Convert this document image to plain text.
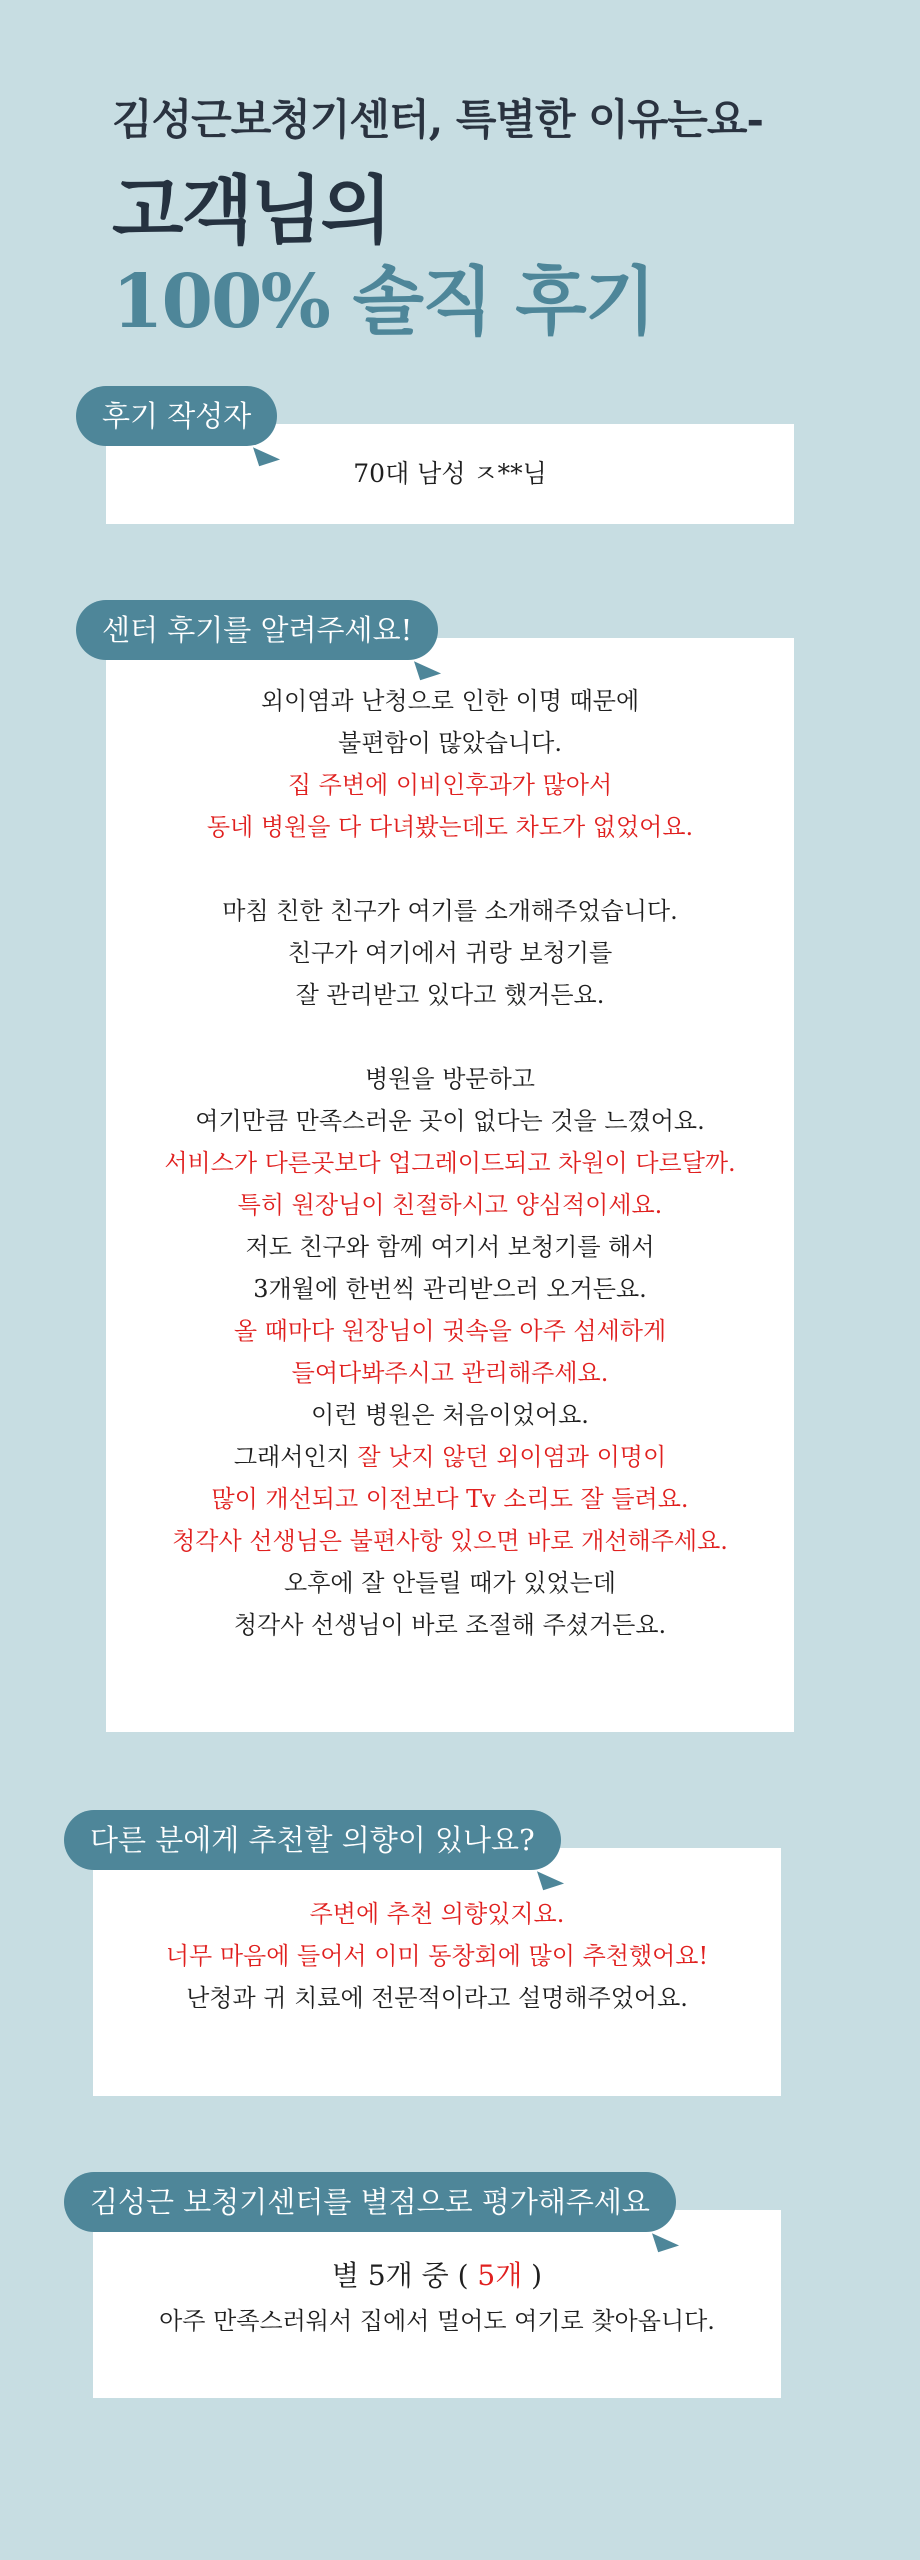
김성근보청기센터, 특별한 이유는요-

고객님의

100% 솔직 후기

후기 작성자

70대 남성 ㅈ**님

센터 후기를 알려주세요!

외이염과 난청으로 인한 이명 때문에

불편함이 많았습니다.

집 주변에 이비인후과가 많아서

동네 병원을 다 다녀봤는데도 차도가 없었어요.

마침 친한 친구가 여기를 소개해주었습니다.

친구가 여기에서 귀랑 보청기를

잘 관리받고 있다고 했거든요.

병원을 방문하고

여기만큼 만족스러운 곳이 없다는 것을 느꼈어요.

서비스가 다른곳보다 업그레이드되고 차원이 다르달까.

특히 원장님이 친절하시고 양심적이세요.

저도 친구와 함께 여기서 보청기를 해서

3개월에 한번씩 관리받으러 오거든요.

올 때마다 원장님이 귓속을 아주 섬세하게

들여다봐주시고 관리해주세요.

이런 병원은 처음이었어요.

그래서인지 잘 낫지 않던 외이염과 이명이

많이 개선되고 이전보다 Tv 소리도 잘 들려요.

청각사 선생님은 불편사항 있으면 바로 개선해주세요.

오후에 잘 안들릴 때가 있었는데

청각사 선생님이 바로 조절해 주셨거든요.

다른 분에게 추천할 의향이 있나요?

주변에 추천 의향있지요.

너무 마음에 들어서 이미 동창회에 많이 추천했어요!

난청과 귀 치료에 전문적이라고 설명해주었어요.

김성근 보청기센터를 별점으로 평가해주세요

별 5개 중 ( 5개 )

아주 만족스러워서 집에서 멀어도 여기로 찾아옵니다.
